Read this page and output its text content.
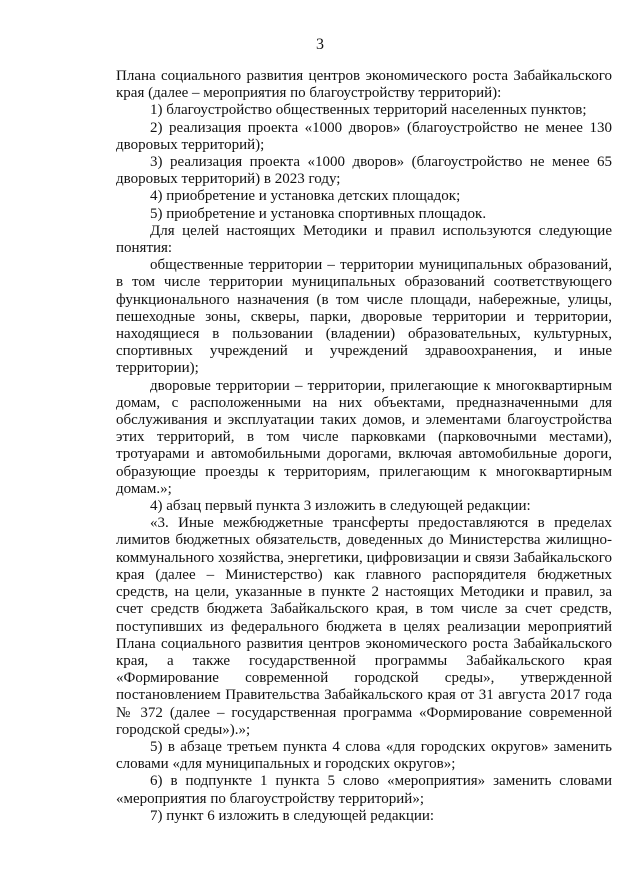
3

Плана социального развития центров экономического роста Забайкальского края (далее – мероприятия по благоустройству территорий):

1) благоустройство общественных территорий населенных пунктов;

2) реализация проекта «1000 дворов» (благоустройство не менее 130 дворовых территорий);

3) реализация проекта «1000 дворов» (благоустройство не менее 65 дворовых территорий) в 2023 году;

4) приобретение и установка детских площадок;

5) приобретение и установка спортивных площадок.

Для целей настоящих Методики и правил используются следующие понятия:

общественные территории – территории муниципальных образований, в том числе территории муниципальных образований соответствующего функционального назначения (в том числе площади, набережные, улицы, пешеходные зоны, скверы, парки, дворовые территории и территории, находящиеся в пользовании (владении) образовательных, культурных, спортивных учреждений и учреждений здравоохранения, и иные территории);

дворовые территории – территории, прилегающие к многоквартирным домам, с расположенными на них объектами, предназначенными для обслуживания и эксплуатации таких домов, и элементами благоустройства этих территорий, в том числе парковками (парковочными местами), тротуарами и автомобильными дорогами, включая автомобильные дороги, образующие проезды к территориям, прилегающим к многоквартирным домам.»;

4) абзац первый пункта 3 изложить в следующей редакции:

«3. Иные межбюджетные трансферты предоставляются в пределах лимитов бюджетных обязательств, доведенных до Министерства жилищно-коммунального хозяйства, энергетики, цифровизации и связи Забайкальского края (далее – Министерство) как главного распорядителя бюджетных средств, на цели, указанные в пункте 2 настоящих Методики и правил, за счет средств бюджета Забайкальского края, в том числе за счет средств, поступивших из федерального бюджета в целях реализации мероприятий Плана социального развития центров экономического роста Забайкальского края, а также государственной программы Забайкальского края «Формирование современной городской среды», утвержденной постановлением Правительства Забайкальского края от 31 августа 2017 года № 372 (далее – государственная программа «Формирование современной городской среды»).»;

5) в абзаце третьем пункта 4 слова «для городских округов» заменить словами «для муниципальных и городских округов»;

6) в подпункте 1 пункта 5 слово «мероприятия» заменить словами «мероприятия по благоустройству территорий»;

7) пункт 6 изложить в следующей редакции:
